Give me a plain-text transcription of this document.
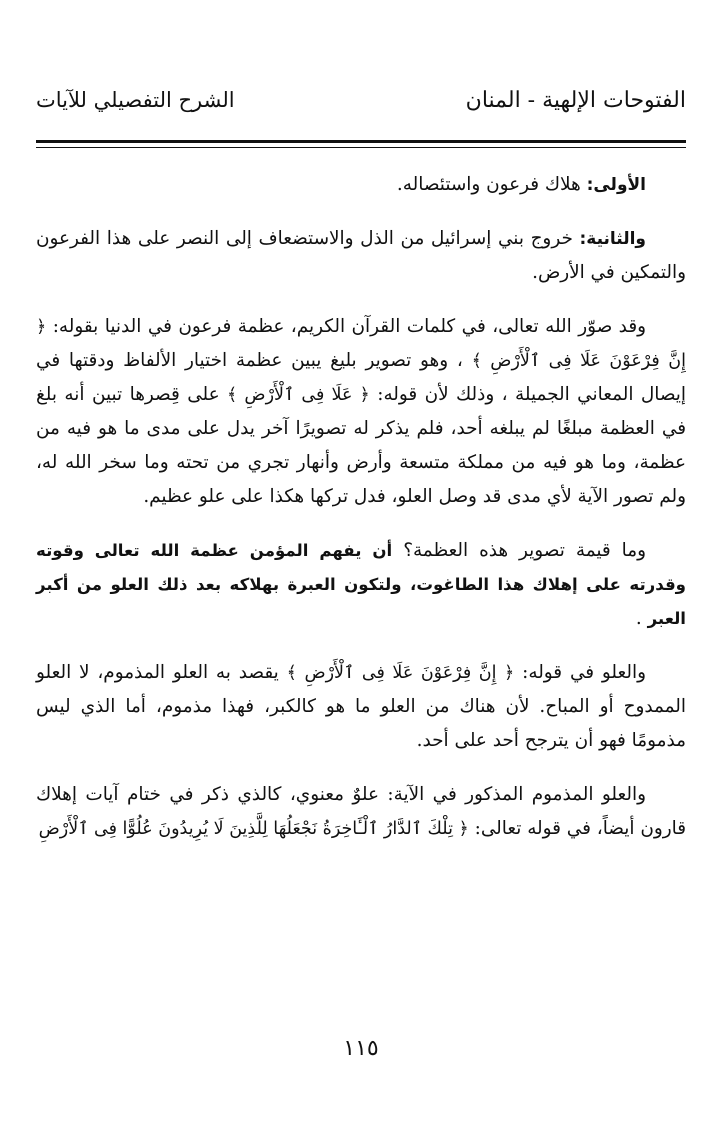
الفتوحات الإلهية - المنان
الشرح التفصيلي للآيات

الأولى: هلاك فرعون واستئصاله.

والثانية: خروج بني إسرائيل من الذل والاستضعاف إلى النصر على هذا الفرعون والتمكين في الأرض.

وقد صوّر الله تعالى، في كلمات القرآن الكريم، عظمة فرعون في الدنيا بقوله: ﴿ إِنَّ فِرْعَوْنَ عَلَا فِى ٱلْأَرْضِ ﴾ ، وهو تصوير بليغ يبين عظمة اختيار الألفاظ ودقتها في إيصال المعاني الجميلة ، وذلك لأن قوله: ﴿ عَلَا فِى ٱلْأَرْضِ ﴾ على قِصرها تبين أنه بلغ في العظمة مبلغًا لم يبلغه أحد، فلم يذكر له تصويرًا آخر يدل على مدى ما هو فيه من عظمة، وما هو فيه من مملكة متسعة وأرض وأنهار تجري من تحته وما سخر الله له، ولم تصور الآية لأي مدى قد وصل العلو، فدل تركها هكذا على علو عظيم.

وما قيمة تصوير هذه العظمة؟ أن يفهم المؤمن عظمة الله تعالى وقوته وقدرته على إهلاك هذا الطاغوت، ولتكون العبرة بهلاكه بعد ذلك العلو من أكبر العبر .

والعلو في قوله: ﴿ إِنَّ فِرْعَوْنَ عَلَا فِى ٱلْأَرْضِ ﴾ يقصد به العلو المذموم، لا العلو الممدوح أو المباح. لأن هناك من العلو ما هو كالكبر، فهذا مذموم، أما الذي ليس مذمومًا فهو أن يترجح أحد على أحد.

والعلو المذموم المذكور في الآية: علوٌ معنوي، كالذي ذكر في ختام آيات إهلاك قارون أيضاً، في قوله تعالى: ﴿ تِلْكَ ٱلدَّارُ ٱلْـَٔاخِرَةُ نَجْعَلُهَا لِلَّذِينَ لَا يُرِيدُونَ عُلُوًّا فِى ٱلْأَرْضِ

١١٥
